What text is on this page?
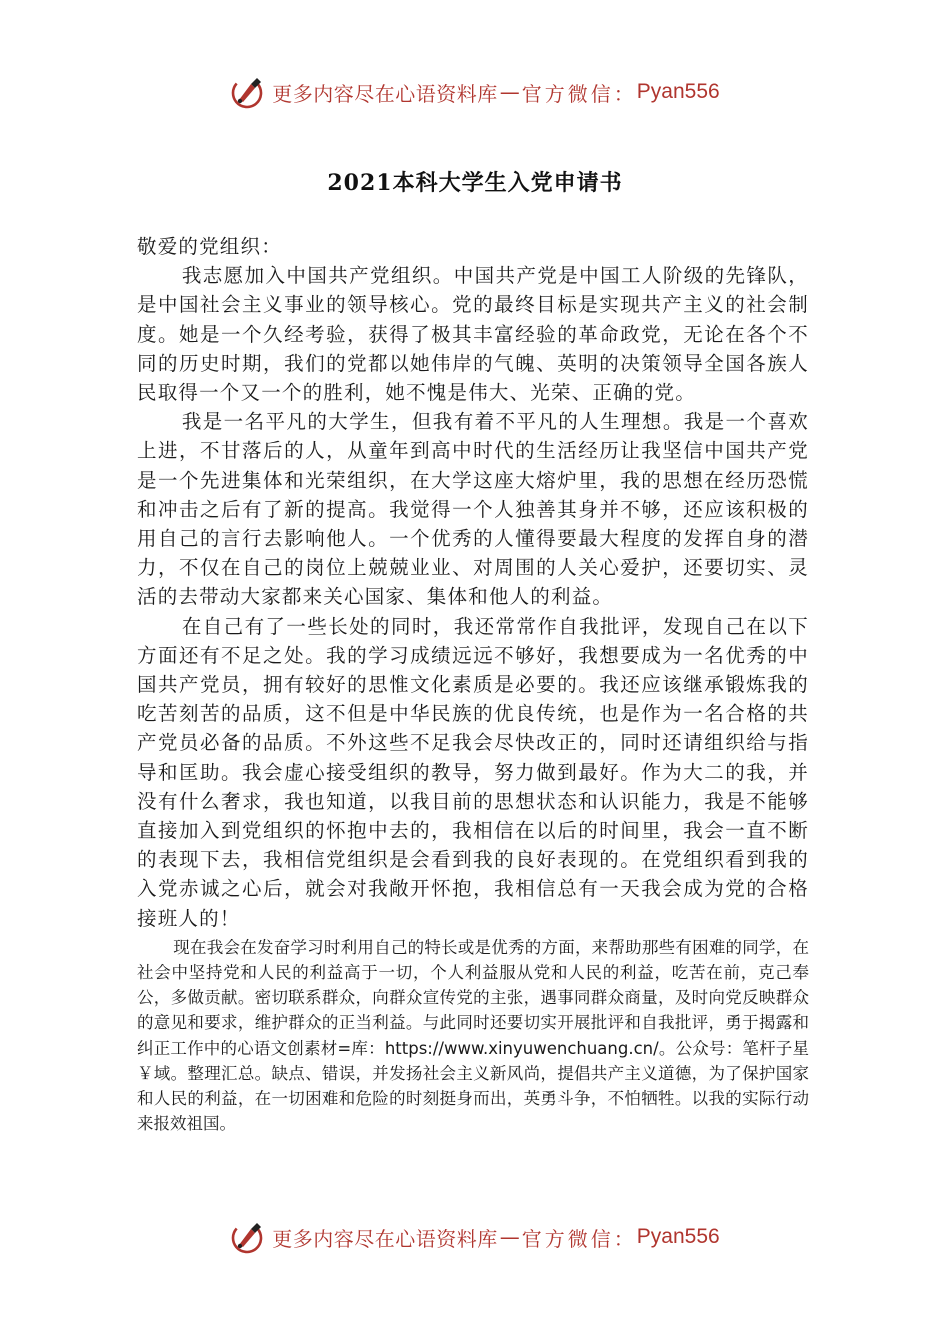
更多内容尽在心语资料库 — 官方微信： Pyan556
2021本科大学生入党申请书

敬爱的党组织：

我志愿加入中国共产党组织。中国共产党是中国工人阶级的先锋队，是中国社会主义事业的领导核心。党的最终目标是实现共产主义的社会制度。她是一个久经考验，获得了极其丰富经验的革命政党，无论在各个不同的历史时期，我们的党都以她伟岸的气魄、英明的决策领导全国各族人民取得一个又一个的胜利，她不愧是伟大、光荣、正确的党。

我是一名平凡的大学生，但我有着不平凡的人生理想。我是一个喜欢上进，不甘落后的人，从童年到高中时代的生活经历让我坚信中国共产党是一个先进集体和光荣组织，在大学这座大熔炉里，我的思想在经历恐慌和冲击之后有了新的提高。我觉得一个人独善其身并不够，还应该积极的用自己的言行去影响他人。一个优秀的人懂得要最大程度的发挥自身的潜力，不仅在自己的岗位上兢兢业业、对周围的人关心爱护，还要切实、灵活的去带动大家都来关心国家、集体和他人的利益。

在自己有了一些长处的同时，我还常常作自我批评，发现自己在以下方面还有不足之处。我的学习成绩远远不够好，我想要成为一名优秀的中国共产党员，拥有较好的思惟文化素质是必要的。我还应该继承锻炼我的吃苦刻苦的品质，这不但是中华民族的优良传统，也是作为一名合格的共产党员必备的品质。不外这些不足我会尽快改正的，同时还请组织给与指导和匡助。我会虚心接受组织的教导，努力做到最好。作为大二的我，并没有什么奢求，我也知道，以我目前的思想状态和认识能力，我是不能够直接加入到党组织的怀抱中去的，我相信在以后的时间里，我会一直不断的表现下去，我相信党组织是会看到我的良好表现的。在党组织看到我的入党赤诚之心后，就会对我敞开怀抱，我相信总有一天我会成为党的合格接班人的！

现在我会在发奋学习时利用自己的特长或是优秀的方面，来帮助那些有困难的同学，在社会中坚持党和人民的利益高于一切，个人利益服从党和人民的利益，吃苦在前，克己奉公，多做贡献。密切联系群众，向群众宣传党的主张，遇事同群众商量，及时向党反映群众的意见和要求，维护群众的正当利益。与此同时还要切实开展批评和自我批评，勇于揭露和纠正工作中的心语文创素材=库：https://www.xinyuwenchuang.cn/。公众号：笔杆子星￥域。整理汇总。缺点、错误，并发扬社会主义新风尚，提倡共产主义道德，为了保护国家和人民的利益，在一切困难和危险的时刻挺身而出，英勇斗争，不怕牺牲。以我的实际行动来报效祖国。

更多内容尽在心语资料库 — 官方微信： Pyan556
